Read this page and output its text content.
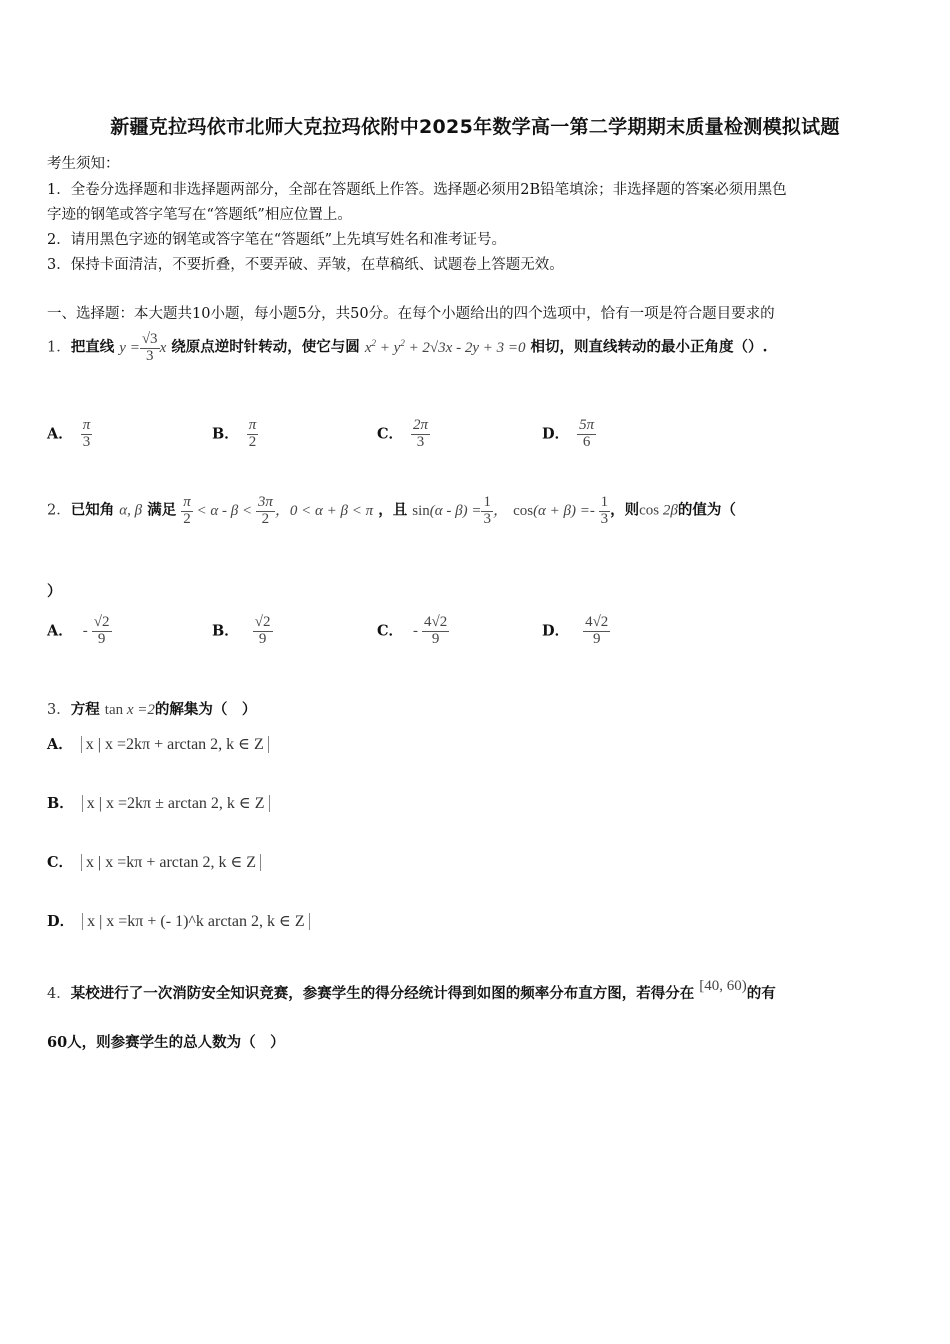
新疆克拉玛依市北师大克拉玛依附中2025年数学高一第二学期期末质量检测模拟试题
考生须知：
1．全卷分选择题和非选择题两部分，全部在答题纸上作答。选择题必须用2B铅笔填涂；非选择题的答案必须用黑色
字迹的钢笔或答字笔写在“答题纸”相应位置上。
2．请用黑色字迹的钢笔或答字笔在“答题纸”上先填写姓名和准考证号。
3．保持卡面清洁，不要折叠，不要弄破、弄皱，在草稿纸、试题卷上答题无效。
一、选择题：本大题共10小题，每小题5分，共50分。在每个小题给出的四个选项中，恰有一项是符合题目要求的
1．把直线 $y = \frac{√3}{3}$ x 绕原点逆时针转动，使它与圆 $x^2 + y^2 + 2√3x - 2y + 3 =0$ 相切，则直线转动的最小正角度（）.
A． $\frac{\pi}{3}$	B． $\frac{\pi}{2}$	C． $\frac{2\pi}{3}$	D． $\frac{5\pi}{6}$
2．已知角 α, β 满足 $\frac{\pi}{2} < \alpha - \beta < \frac{3\pi}{2}$ ，0 < α + β < π ，且 $\sin(\alpha - \beta) = \frac{1}{3}$ ， $\cos(\alpha + \beta) =- \frac{1}{3}$ ，则cos 2β的值为（
）
A． - $\frac{√2}{9}$	B． $\frac{√2}{9}$	C． - $\frac{4√2}{9}$	D． $\frac{4√2}{9}$
3．方程 tan x =2的解集为（　）
A． x | x =2kπ + arctan 2, k ∈ Z
B． x | x =2kπ ± arctan 2, k ∈ Z
C． x | x =kπ + arctan 2, k ∈ Z
D． x | x =kπ + (- 1)^k arctan 2, k ∈ Z
4．某校进行了一次消防安全知识竞赛，参赛学生的得分经统计得到如图的频率分布直方图，若得分在 [40, 60)的有
60人，则参赛学生的总人数为（　）
